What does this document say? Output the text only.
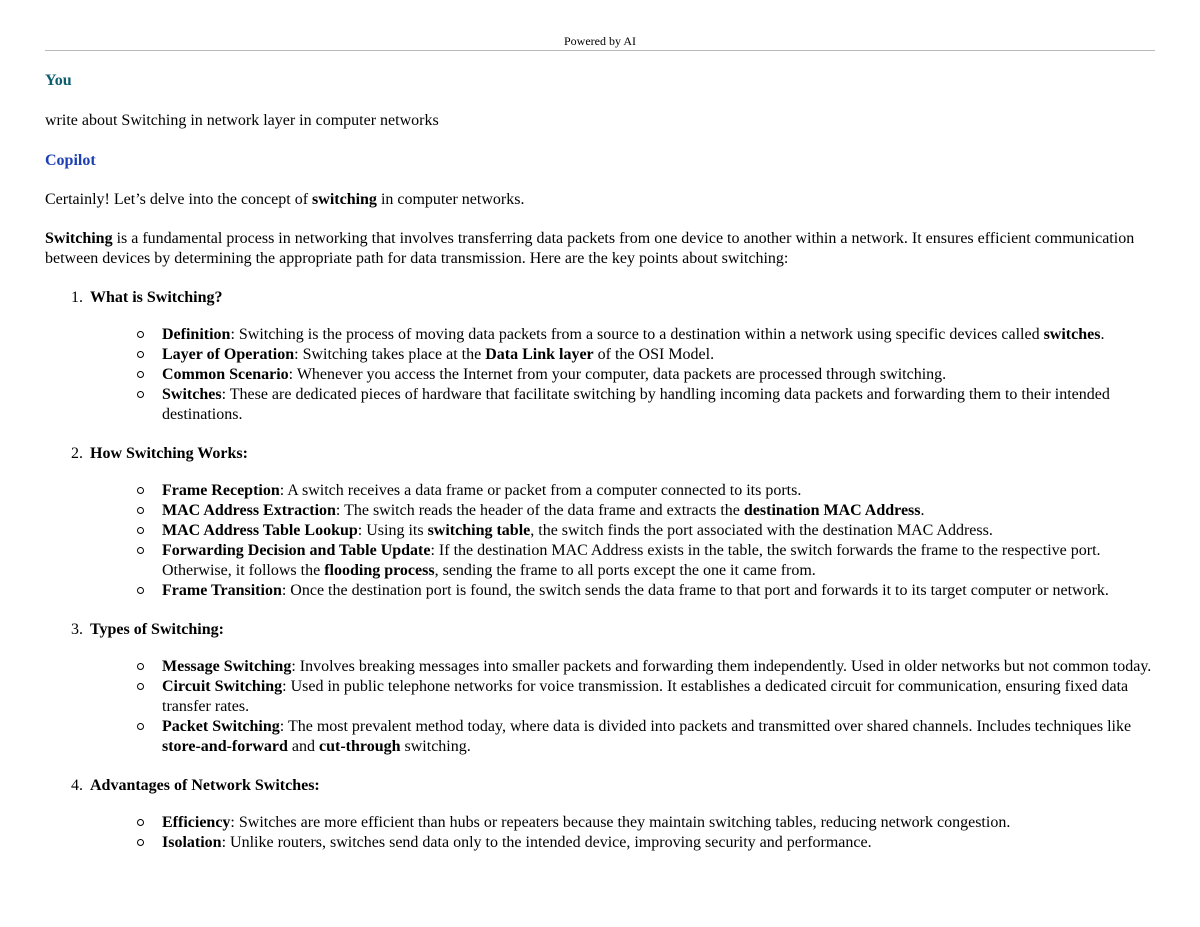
Powered by AI
You

write about Switching in network layer in computer networks

Copilot

Certainly! Let’s delve into the concept of switching in computer networks.

Switching is a fundamental process in networking that involves transferring data packets from one device to another within a network. It ensures efficient communication between devices by determining the appropriate path for data transmission. Here are the key points about switching:

1. What is Switching?
Definition: Switching is the process of moving data packets from a source to a destination within a network using specific devices called switches.
Layer of Operation: Switching takes place at the Data Link layer of the OSI Model.
Common Scenario: Whenever you access the Internet from your computer, data packets are processed through switching.
Switches: These are dedicated pieces of hardware that facilitate switching by handling incoming data packets and forwarding them to their intended destinations.
2. How Switching Works:
Frame Reception: A switch receives a data frame or packet from a computer connected to its ports.
MAC Address Extraction: The switch reads the header of the data frame and extracts the destination MAC Address.
MAC Address Table Lookup: Using its switching table, the switch finds the port associated with the destination MAC Address.
Forwarding Decision and Table Update: If the destination MAC Address exists in the table, the switch forwards the frame to the respective port. Otherwise, it follows the flooding process, sending the frame to all ports except the one it came from.
Frame Transition: Once the destination port is found, the switch sends the data frame to that port and forwards it to its target computer or network.
3. Types of Switching:
Message Switching: Involves breaking messages into smaller packets and forwarding them independently. Used in older networks but not common today.
Circuit Switching: Used in public telephone networks for voice transmission. It establishes a dedicated circuit for communication, ensuring fixed data transfer rates.
Packet Switching: The most prevalent method today, where data is divided into packets and transmitted over shared channels. Includes techniques like store-and-forward and cut-through switching.
4. Advantages of Network Switches:
Efficiency: Switches are more efficient than hubs or repeaters because they maintain switching tables, reducing network congestion.
Isolation: Unlike routers, switches send data only to the intended device, improving security and performance.
